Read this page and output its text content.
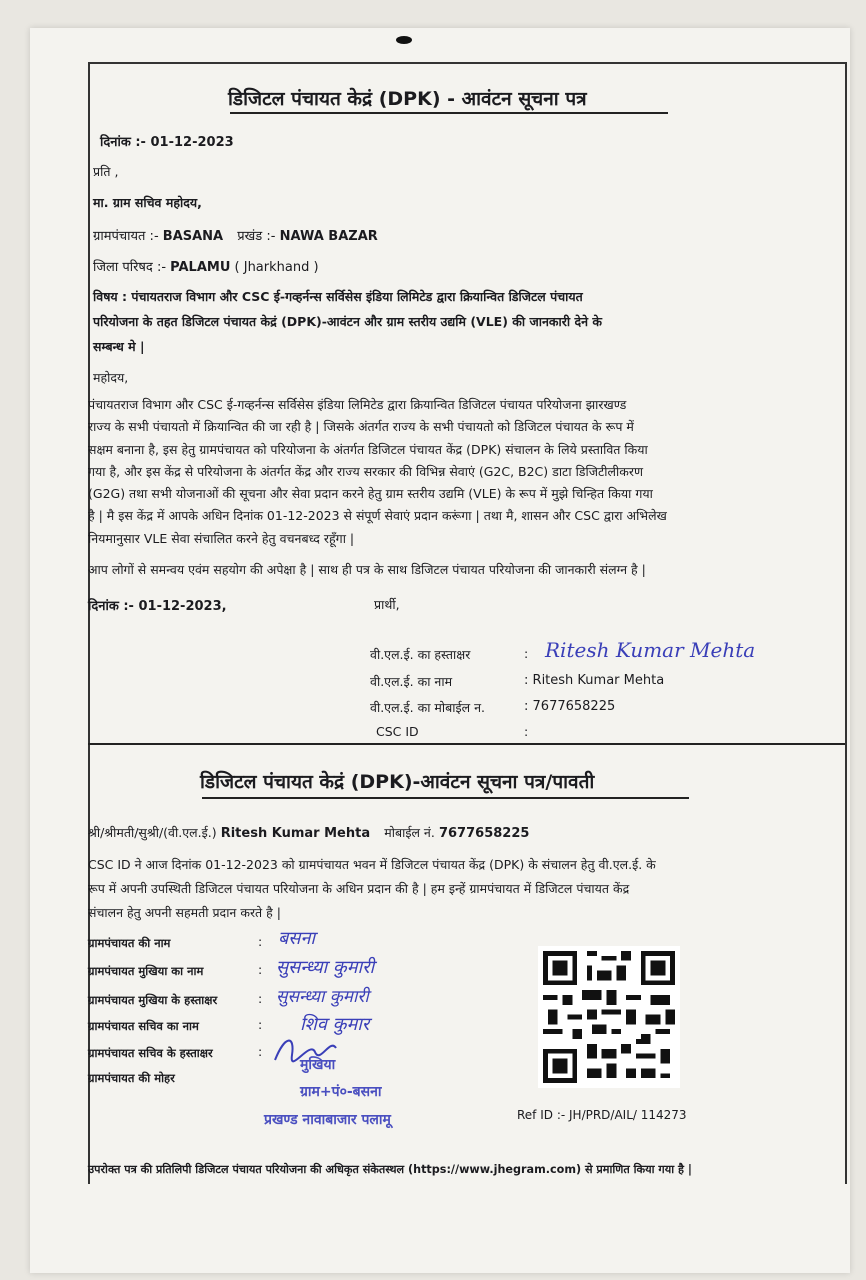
डिजिटल पंचायत केद्रं (DPK) - आवंटन सूचना पत्र
दिनांक :- 01-12-2023
प्रति ,
मा. ग्राम सचिव महोदय,
ग्रामपंचायत :- BASANA प्रखंड :- NAWA BAZAR
जिला परिषद :- PALAMU ( Jharkhand )
विषय : पंचायतराज विभाग और CSC ई-गव्हर्नन्स सर्विसेस इंडिया लिमिटेड द्वारा क्रियान्वित डिजिटल पंचायत
परियोजना के तहत डिजिटल पंचायत केद्रं (DPK)-आवंटन और ग्राम स्तरीय उद्यमि (VLE) की जानकारी देने के
सम्बन्ध मे |
महोदय,
पंचायतराज विभाग और CSC ई-गव्हर्नन्स सर्विसेस इंडिया लिमिटेड द्वारा क्रियान्वित डिजिटल पंचायत परियोजना झारखण्ड
राज्य के सभी पंचायतो में क्रियान्वित की जा रही है | जिसके अंतर्गत राज्य के सभी पंचायतो को डिजिटल पंचायत के रूप में
सक्षम बनाना है, इस हेतु ग्रामपंचायत को परियोजना के अंतर्गत डिजिटल पंचायत केंद्र (DPK) संचालन के लिये प्रस्तावित किया
गया है, और इस केंद्र से परियोजना के अंतर्गत केंद्र और राज्य सरकार की विभिन्न सेवाएं (G2C, B2C) डाटा डिजिटीलीकरण
(G2G) तथा सभी योजनाओं की सूचना और सेवा प्रदान करने हेतु ग्राम स्तरीय उद्यमि (VLE) के रूप में मुझे चिन्हित किया गया
है | मै इस केंद्र में आपके अधिन दिनांक 01-12-2023 से संपूर्ण सेवाएं प्रदान करूंगा | तथा मै, शासन और CSC द्वारा अभिलेख
नियमानुसार VLE सेवा संचालित करने हेतु वचनबध्द रहूँगा |
आप लोगों से समन्वय एवंम सहयोग की अपेक्षा है | साथ ही पत्र के साथ डिजिटल पंचायत परियोजना की जानकारी संलग्न है |
दिनांक :- 01-12-2023,	प्रार्थी,
वी.एल.ई. का हस्ताक्षर	: Ritesh Kumar Mehta
वी.एल.ई. का नाम	: Ritesh Kumar Mehta
वी.एल.ई. का मोबाईल न.	: 7677658225
CSC ID	:
डिजिटल पंचायत केद्रं (DPK)-आवंटन सूचना पत्र/पावती
श्री/श्रीमती/सुश्री/(वी.एल.ई.) Ritesh Kumar Mehta मोबाईल नं. 7677658225
CSC ID ने आज दिनांक 01-12-2023 को ग्रामपंचायत भवन में डिजिटल पंचायत केंद्र (DPK) के संचालन हेतु वी.एल.ई. के
रूप में अपनी उपस्थिती डिजिटल पंचायत परियोजना के अधिन प्रदान की है | हम इन्हें ग्रामपंचायत में डिजिटल पंचायत केंद्र
संचालन हेतु अपनी सहमती प्रदान करते है |
ग्रामपंचायत की नाम	: बसना
ग्रामपंचायत मुखिया का नाम	: सुसन्ध्या कुमारी
ग्रामपंचायत मुखिया के हस्ताक्षर	: सुसन्ध्या कुमारी
ग्रामपंचायत सचिव का नाम	: शिव कुमार
ग्रामपंचायत सचिव के हस्ताक्षर	:
ग्रामपंचायत की मोहर
मुखिया
ग्राम+पं०-बसना
प्रखण्ड नावाबाजार पलामू	Ref ID :- JH/PRD/AIL/ 114273
उपरोक्त पत्र की प्रतिलिपी डिजिटल पंचायत परियोजना की अधिकृत संकेतस्थल (https://www.jhegram.com) से प्रमाणित किया गया है |
